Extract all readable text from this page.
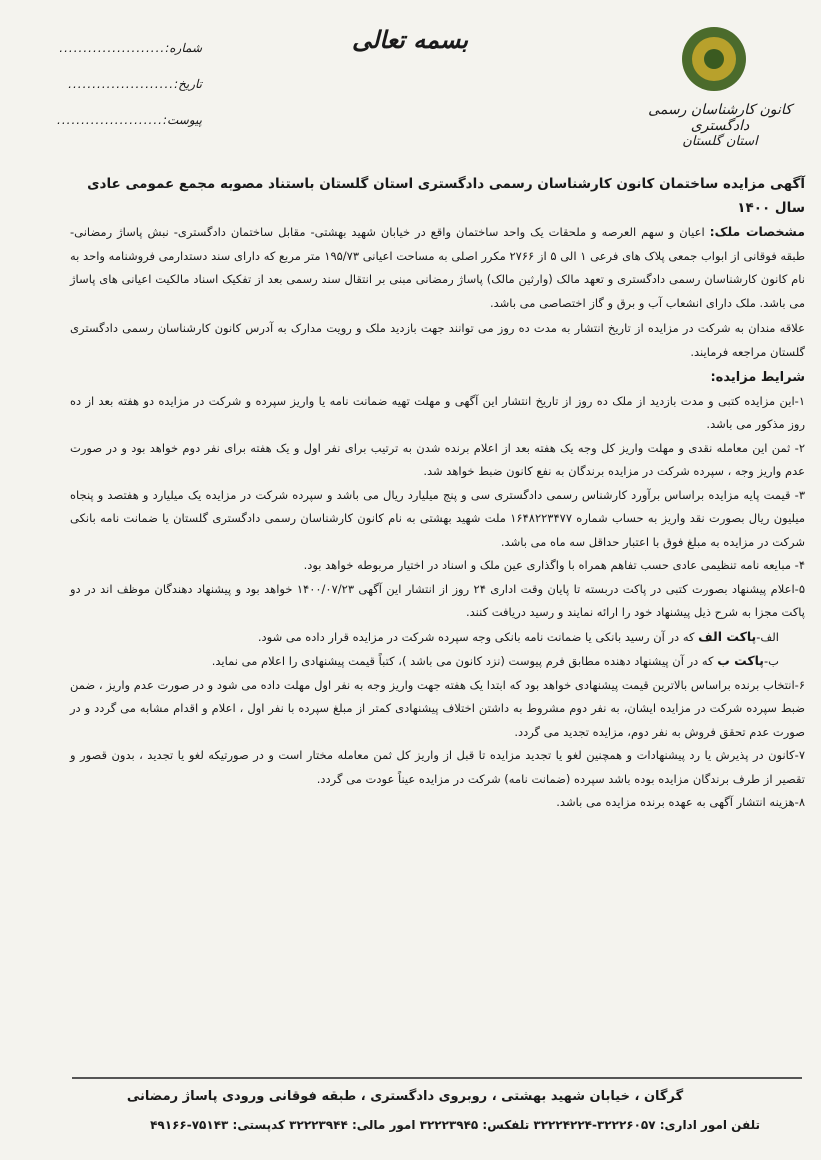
شماره:
......................
تاریخ:
......................
پیوست:
......................
بسمه تعالی
کانون کارشناسان رسمی دادگستری
استان گلستان

آگهی مزایده ساختمان کانون کارشناسان رسمی دادگستری استان گلستان باستناد مصوبه مجمع عمومی عادی سال ۱۴۰۰

مشخصات ملک: اعیان و سهم العرصه و ملحقات یک واحد ساختمان واقع در خیابان شهید بهشتی- مقابل ساختمان دادگستری- نبش پاساژ رمضانی- طبقه فوقانی از ابواب جمعی پلاک های فرعی ۱ الی ۵ از ۲۷۶۶ مکرر اصلی به مساحت اعیانی ۱۹۵/۷۳ متر مربع که دارای سند دستدارمی فروشنامه واحد به نام کانون کارشناسان رسمی دادگستری و تعهد مالک (وارثین مالک) پاساژ رمضانی مبنی بر انتقال سند رسمی بعد از تفکیک اسناد مالکیت اعیانی های پاساژ می باشد. ملک دارای انشعاب آب و برق و گاز اختصاصی می باشد.

علاقه مندان به شرکت در مزایده از تاریخ انتشار به مدت ده روز می توانند جهت بازدید ملک و رویت مدارک به آدرس کانون کارشناسان رسمی دادگستری گلستان مراجعه فرمایند.

شرایط مزایده:

۱-این مزایده کتبی و مدت بازدید از ملک ده روز از تاریخ انتشار این آگهی و مهلت تهیه ضمانت نامه یا واریز سپرده و شرکت در مزایده دو هفته بعد از ده روز مذکور می باشد.

۲- ثمن این معامله نقدی و مهلت واریز کل وجه یک هفته بعد از اعلام برنده شدن به ترتیب برای نفر اول و یک هفته برای نفر دوم خواهد بود و در صورت عدم واریز وجه ، سپرده شرکت در مزایده برندگان به نفع کانون ضبط خواهد شد.

۳- قیمت پایه مزایده براساس برآورد کارشناس رسمی دادگستری سی و پنج میلیارد ریال می باشد و سپرده شرکت در مزایده یک میلیارد و هفتصد و پنجاه میلیون ریال بصورت نقد واریز به حساب شماره ۱۶۴۸۲۲۳۴۷۷ ملت شهید بهشتی به نام کانون کارشناسان رسمی دادگستری گلستان یا ضمانت نامه بانکی شرکت در مزایده به مبلغ فوق با اعتبار حداقل سه ماه می باشد.

۴- مبایعه نامه تنظیمی عادی حسب تفاهم همراه با واگذاری عین ملک و اسناد در اختیار مربوطه خواهد بود.

۵-اعلام پیشنهاد بصورت کتبی در پاکت دربسته تا پایان وقت اداری ۲۴ روز از انتشار این آگهی ۱۴۰۰/۰۷/۲۳ خواهد بود و پیشنهاد دهندگان موظف اند در دو پاکت مجزا به شرح ذیل پیشنهاد خود را ارائه نمایند و رسید دریافت کنند.

الف-پاکت الف که در آن رسید بانکی یا ضمانت نامه بانکی وجه سپرده شرکت در مزایده قرار داده می شود.

ب-پاکت ب که در آن پیشنهاد دهنده مطابق فرم پیوست (نزد کانون می باشد )، کتباً قیمت پیشنهادی را اعلام می نماید.

۶-انتخاب برنده براساس بالاترین قیمت پیشنهادی خواهد بود که ابتدا یک هفته جهت واریز وجه به نفر اول مهلت داده می شود و در صورت عدم واریز ، ضمن ضبط سپرده شرکت در مزایده ایشان، به نفر دوم مشروط به داشتن اختلاف پیشنهادی کمتر از مبلغ سپرده با نفر اول ، اعلام و اقدام مشابه می گردد و در صورت عدم تحقق فروش به نفر دوم، مزایده تجدید می گردد.

۷-کانون در پذیرش یا رد پیشنهادات و همچنین لغو یا تجدید مزایده تا قبل از واریز کل ثمن معامله مختار است و در صورتیکه لغو یا تجدید ، بدون قصور و تقصیر از طرف برندگان مزایده بوده باشد سپرده (ضمانت نامه) شرکت در مزایده عیناً عودت می گردد.

۸-هزینه انتشار آگهی به عهده برنده مزایده می باشد.

گرگان ، خیابان شهید بهشتی ، روبروی دادگستری ، طبقه فوقانی ورودی پاساژ رمضانی
تلفن امور اداری: ۳۲۲۲۶۰۵۷-۳۲۲۲۴۲۲۴ تلفکس: ۳۲۲۲۳۹۴۵ امور مالی: ۳۲۲۲۳۹۴۴ کدپستی: ۷۵۱۴۳-۴۹۱۶۶
